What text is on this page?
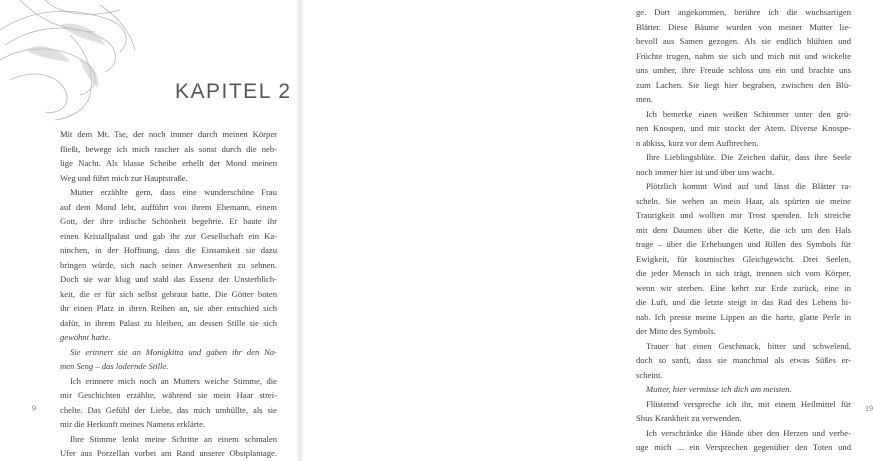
KAPITEL 2
Mit dem Mt. Tse, der noch immer durch meinen Körper
fließt, bewege ich mich rascher als sonst durch die neb-
lige Nacht. Als blasse Scheibe erhellt der Mond meinen
Weg und führt mich zur Hauptstraße.
Mutter erzählte gern, dass eine wunderschöne Frau
auf dem Mond lebt, aufführt von ihrem Ehemann, einem
Gott, der ihre irdische Schönheit begehrte. Er baute ihr
einen Kristallpalast und gab ihr zur Gesellschaft ein Ka-
ninchen, in der Hoffnung, dass die Einsamkeit sie dazu
bringen würde, sich nach seiner Anwesenheit zu sehnen.
Doch sie war klug und stahl das Essenz der Unsterblich-
keit, die er für sich selbst gebraut hatte. Die Götter boten
ihr einen Platz in ihren Reihen an, sie aber entschied sich
dafür, in ihrem Palast zu bleiben, an dessen Stille sie sich
gewöhnt hatte.
Sie erinnert sie an Monigkitta und gaben ihr den Na-
men Seng – das lodernde Stille.
Ich erinnere mich noch an Mutters weiche Stimme, die
mir Geschichten erzählte, während sie mein Haar strei-
chelte. Das Gefühl der Liebe, das mich umhüllte, als sie
mir die Herkunft meines Namens erklärte.
Ihre Stimme lenkt meine Schritte an einem schmalen
Ufer aus Porzellan vorbei am Rand unserer Obstplantage.
9
ge. Dort angekommen, berühre ich die wuchsartigen
Blätter. Diese Bäume wurden von meiner Mutter lie-
bevoll aus Samen gezogen. Als sie endlich blühten und
Früchte trugen, nahm sie sich und mich mit und wickelte
uns umher, ihre Freude schloss uns ein und brachte uns
zum Lachen. Sie liegt hier begraben, zwischen den Blü-
men.
Ich bemerke einen weißen Schimmer unter den grü-
nen Knospen, und mir stockt der Atem. Diverse Knospe-
n abkiss, kurz vor dem Aufbrechen.
Ihre Lieblingsblüte. Die Zeichen dafür, dass ihre Seele
noch immer hier ist und über uns wacht.
Plötzlich kommt Wind auf und lässt die Blätter ra-
scheln. Sie wehen an mein Haar, als spürten sie meine
Traurigkeit und wollten mir Trost spenden. Ich streiche
mit dem Daumen über die Kette, die ich um den Hals
trage – über die Erhebungen und Rillen des Symbols für
Ewigkeit, für kosmisches Gleichgewicht. Drei Seelen,
die jeder Mensch in sich trägt, trennen sich vom Körper,
wenn wir sterben. Eine kehrt zur Erde zurück, eine in
die Luft, und die letzte steigt in das Rad des Lebens hi-
nab. Ich presse meine Lippen an die harte, glatte Perle in
der Mitte des Symbols.
Trauer hat einen Geschmack, bitter und schwelend,
doch so sanft, dass sie manchmal als etwas Süßes er-
scheint.
Mutter, hier vermisse ich dich am meisten.
Flüsternd verspreche ich ihr, mit einem Heilmittel für
Shus Krankheit zu verwenden.
Ich verschränke die Hände über den Herzen und verbe-
uge mich ... ein Versprechen gegenüber den Toten und
19
